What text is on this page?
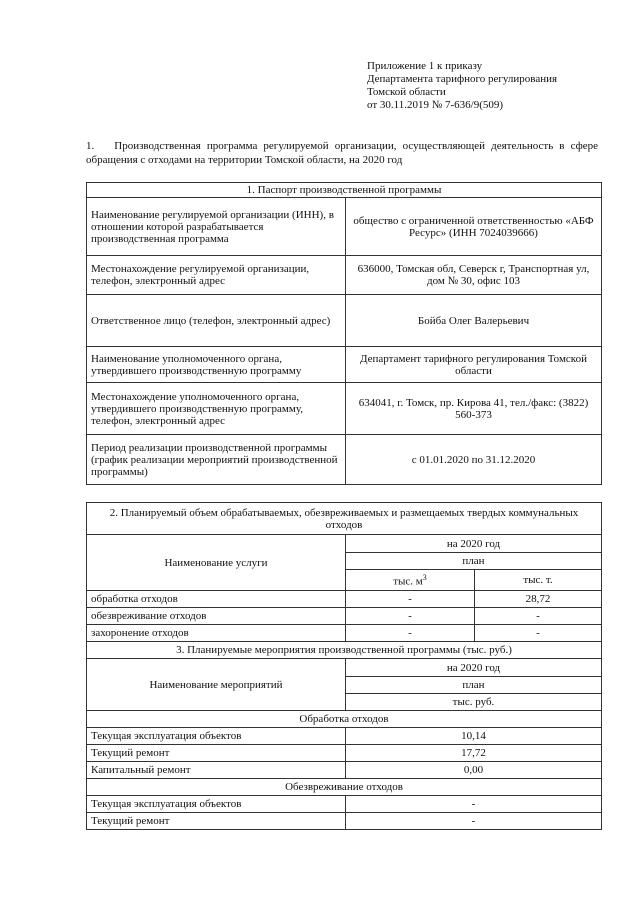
Приложение 1 к приказу
Департамента тарифного регулирования
Томской области
от 30.11.2019 № 7-636/9(509)
1. Производственная программа регулируемой организации, осуществляющей деятельность в сфере обращения с отходами на территории Томской области, на 2020 год
1. Паспорт производственной программы	
Наименование регулируемой организации (ИНН), в отношении которой разрабатывается производственная программа	общество с ограниченной ответственностью «АБФ Ресурс» (ИНН 7024039666)
Местонахождение регулируемой организации, телефон, электронный адрес	636000, Томская обл, Северск г, Транспортная ул, дом № 30, офис 103
Ответственное лицо (телефон, электронный адрес)	Бойба Олег Валерьевич
Наименование уполномоченного органа, утвердившего производственную программу	Департамент тарифного регулирования Томской области
Местонахождение уполномоченного органа, утвердившего производственную программу, телефон, электронный адрес	634041, г. Томск, пр. Кирова 41, тел./факс: (3822) 560-373
Период реализации производственной программы (график реализации мероприятий производственной программы)	с 01.01.2020 по 31.12.2020
2. Планируемый объем обрабатываемых, обезвреживаемых и размещаемых твердых коммунальных отходов		
Наименование услуги	на 2020 год	
	план	
	тыс. $м^3$	тыс. т.
обработка отходов	-	28,72
обезвреживание отходов	-	-
захоронение отходов	-	-
3. Планируемые мероприятия производственной программы (тыс. руб.)		
Наименование мероприятий	на 2020 год	
	план	
	тыс. руб.	
Обработка отходов		
Текущая эксплуатация объектов	10,14	
Текущий ремонт	17,72	
Капитальный ремонт	0,00	
Обезвреживание отходов		
Текущая эксплуатация объектов	-	
Текущий ремонт	-	
